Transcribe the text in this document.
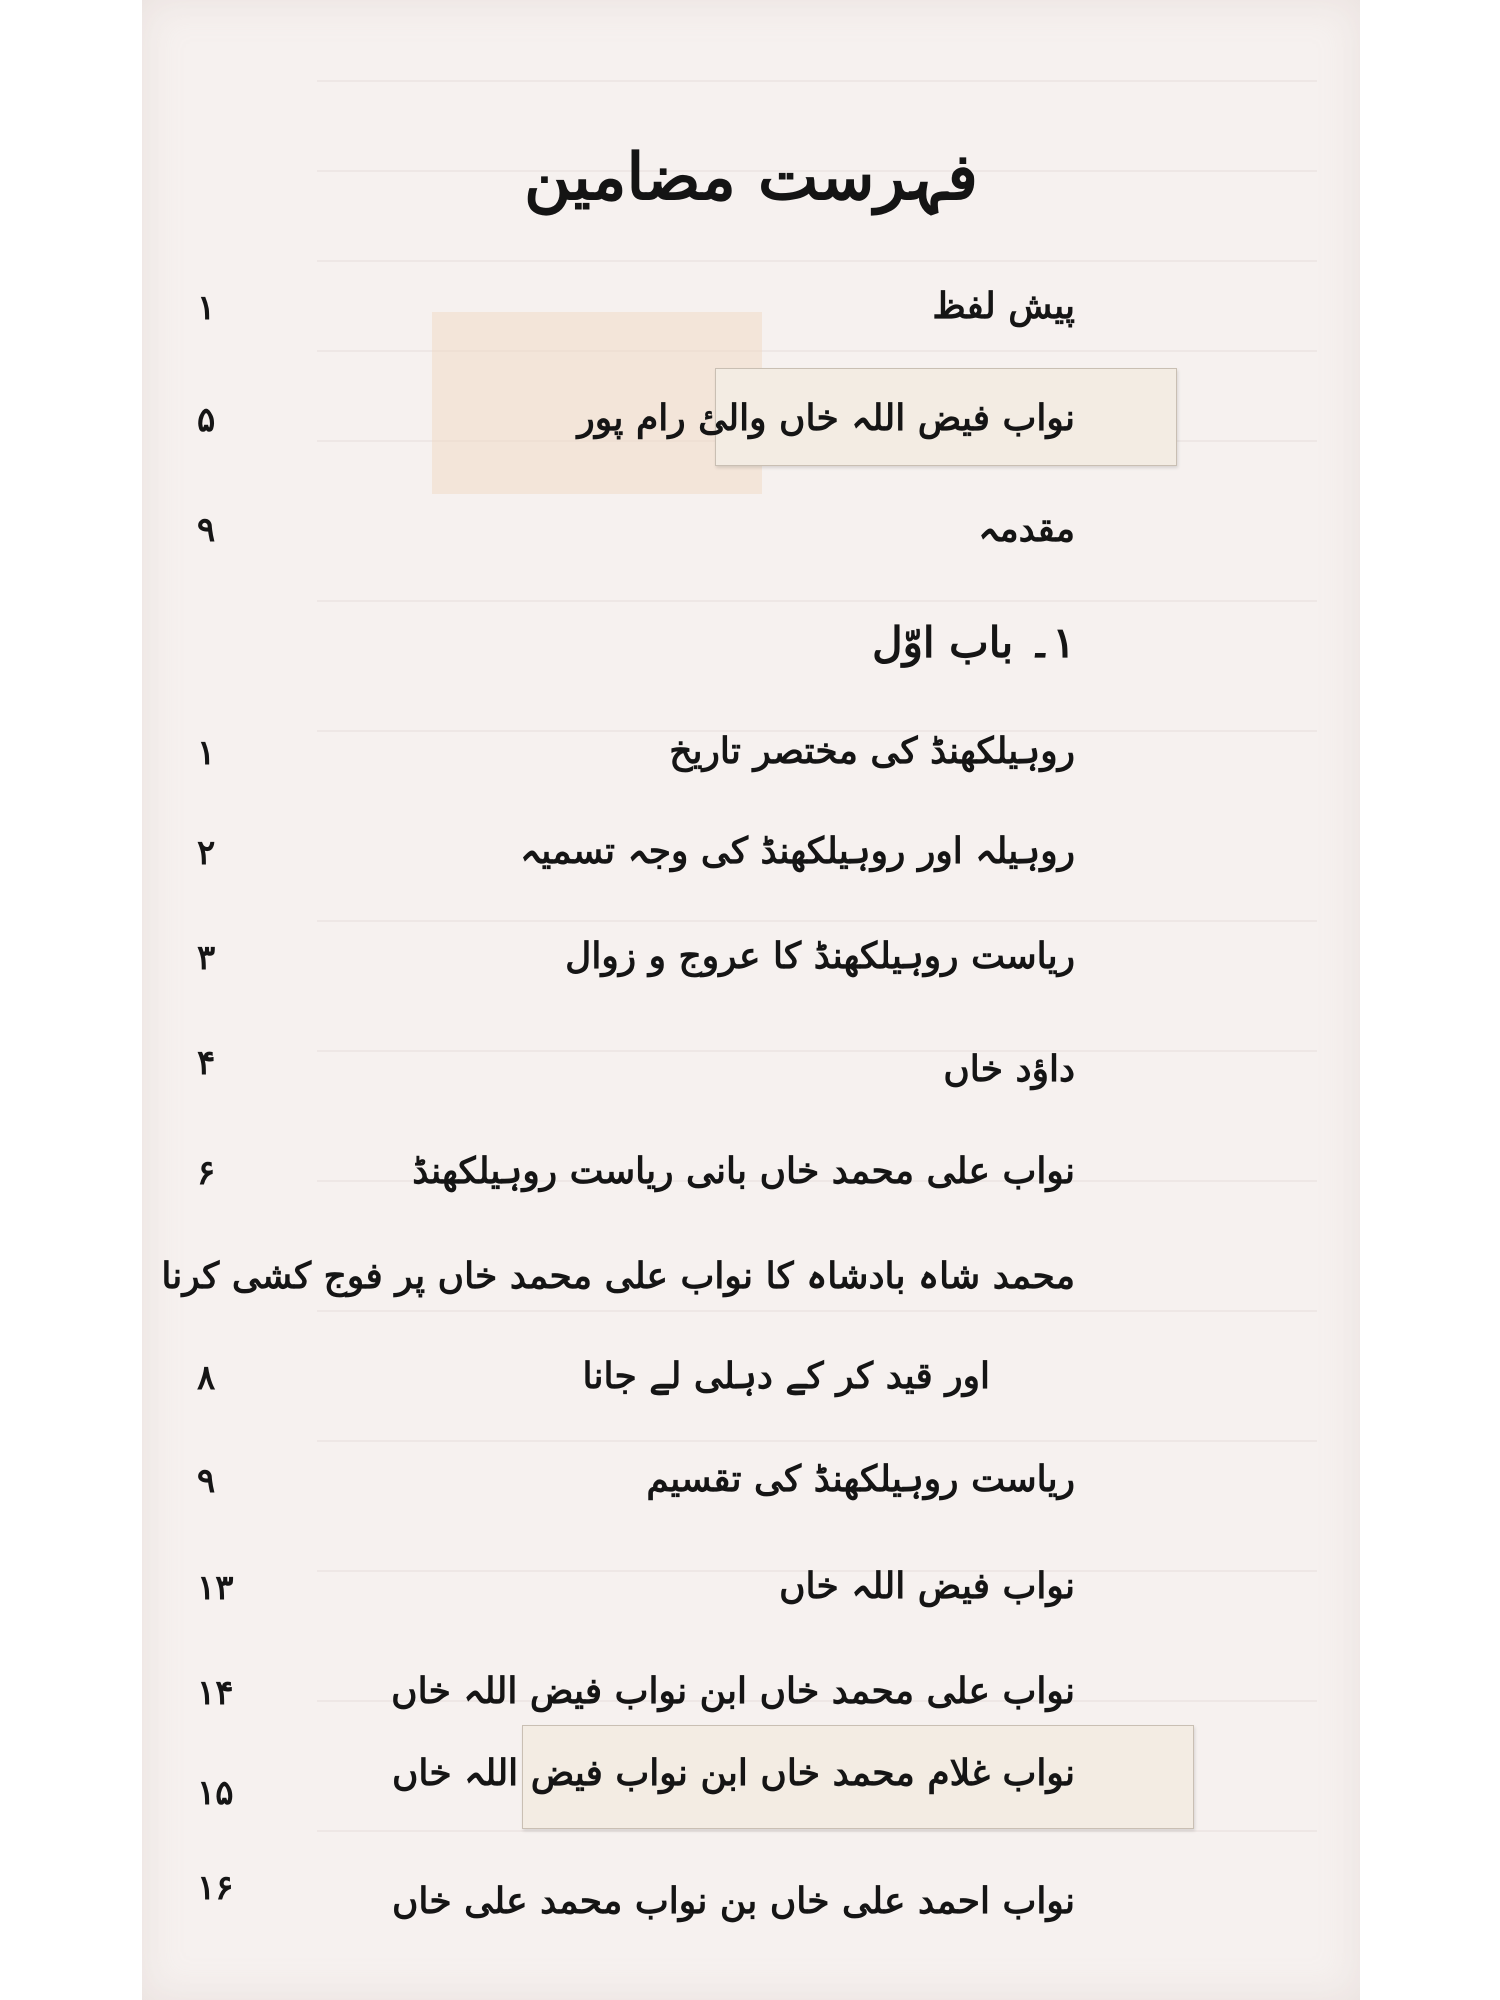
فہرست مضامین
پیش لفظ
۱
نواب فیض اللہ خاں والیٔ رام پور
۵
مقدمہ
۹
۱۔ باب اوّل
روہیلکھنڈ کی مختصر تاریخ
۱
روہیلہ اور روہیلکھنڈ کی وجہ تسمیہ
۲
ریاست روہیلکھنڈ کا عروج و زوال
۳
داؤد خاں
۴
نواب علی محمد خاں بانی ریاست روہیلکھنڈ
۶
محمد شاہ بادشاہ کا نواب علی محمد خاں پر فوج کشی کرنا
اور قید کر کے دہلی لے جانا
۸
ریاست روہیلکھنڈ کی تقسیم
۹
نواب فیض اللہ خاں
۱۳
نواب علی محمد خاں ابن نواب فیض اللہ خاں
۱۴
نواب غلام محمد خاں ابن نواب فیض اللہ خاں
۱۵
نواب احمد علی خاں بن نواب محمد علی خاں
۱۶
